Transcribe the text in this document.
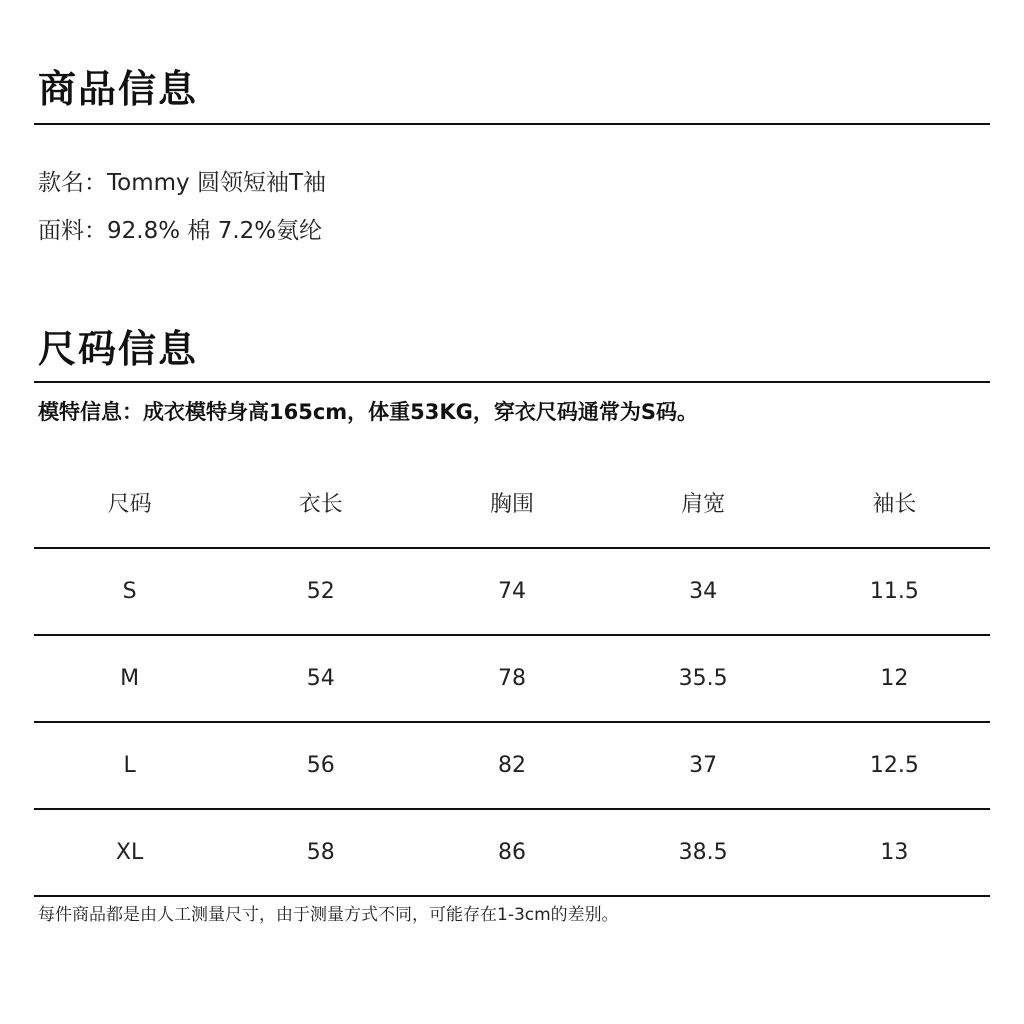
商品信息
款名：Tommy 圆领短袖T袖
面料：92.8% 棉 7.2%氨纶
尺码信息
模特信息：成衣模特身高165cm，体重53KG，穿衣尺码通常为S码。
尺码	衣长	胸围	肩宽	袖长
S	52	74	34	11.5
M	54	78	35.5	12
L	56	82	37	12.5
XL	58	86	38.5	13
每件商品都是由人工测量尺寸，由于测量方式不同，可能存在1-3cm的差别。
